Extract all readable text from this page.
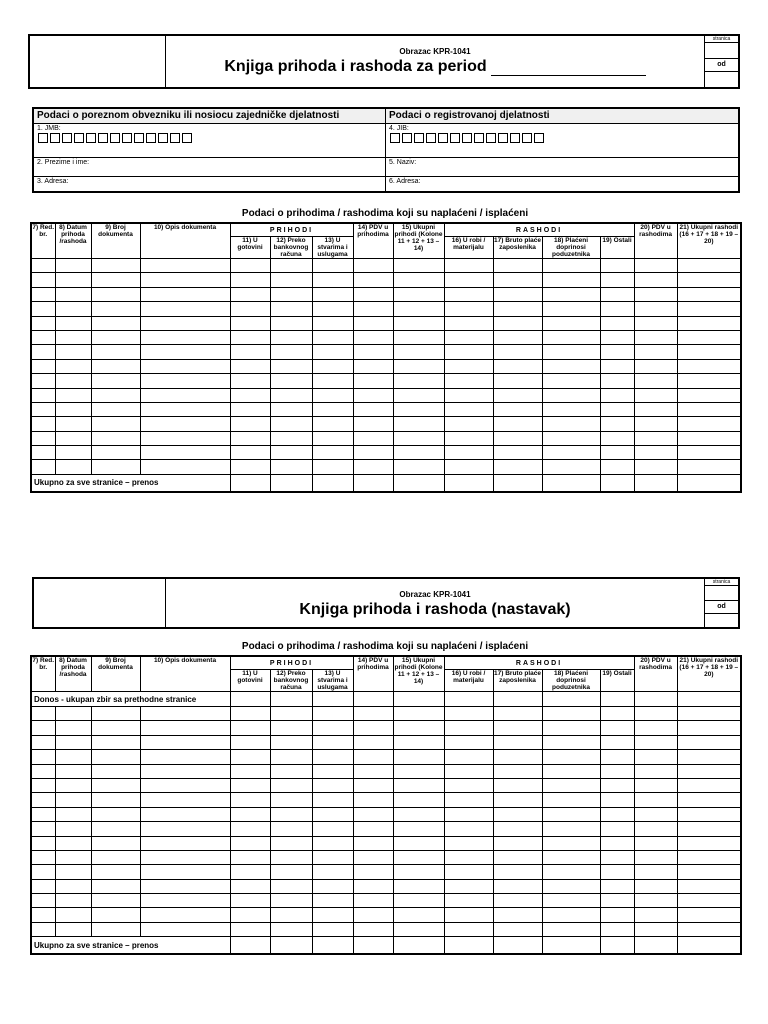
Obrazac KPR-1041
Knjiga prihoda i rashoda za period
stranica
od
Podaci o poreznom obvezniku ili nosiocu zajedničke djelatnosti	Podaci o registrovanoj djelatnosti
1. JMB:	4. JIB:
2. Prezime i ime:	5. Naziv:
3. Adresa:	6. Adresa:
Podaci o prihodima / rashodima koji su naplaćeni / isplaćeni
7) Red. br.	8) Datum prihoda /rashoda	9) Broj dokumenta	10) Opis dokumenta	PRIHODI			14) PDV u prihodima	15) Ukupni prihodi (Kolone 11 + 12 + 13 – 14)	RASHODI				20) PDV u rashodima	21) Ukupni rashodi (16 + 17 + 18 + 19 – 20)
				11) U gotovini	12) Preko bankovnog računa	13) U stvarima i uslugama			16) U robi / materijalu	17) Bruto plaće zaposlenika	18) Plaćeni doprinosi poduzetnika	19) Ostali		

Ukupno za sve stranice – prenos														
Obrazac KPR-1041
Knjiga prihoda i rashoda (nastavak)
stranica
od
Podaci o prihodima / rashodima koji su naplaćeni / isplaćeni
7) Red. br.	8) Datum prihoda /rashoda	9) Broj dokumenta	10) Opis dokumenta	PRIHODI			14) PDV u prihodima	15) Ukupni prihodi (Kolone 11 + 12 + 13 – 14)	RASHODI				20) PDV u rashodima	21) Ukupni rashodi (16 + 17 + 18 + 19 – 20)
				11) U gotovini	12) Preko bankovnog računa	13) U stvarima i uslugama			16) U robi / materijalu	17) Bruto plaće zaposlenika	18) Plaćeni doprinosi poduzetnika	19) Ostali		
Donos - ukupan zbir sa prethodne stranice														

Ukupno za sve stranice – prenos														
